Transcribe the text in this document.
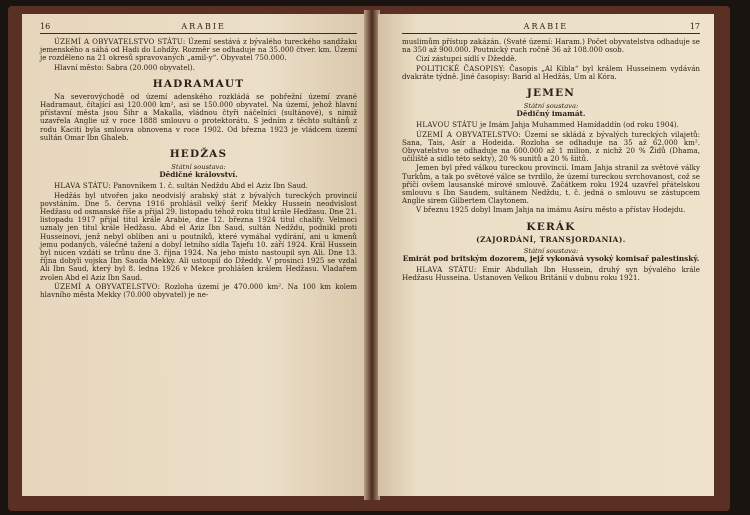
16	ARABIE

ÚZEMÍ A OBYVATELSTVO STÁTU: Území sestává z bývalého tureckého sandžaku jemenského a sáhá od Hadi do Lohdžy. Rozměr se odhaduje na 35.000 čtver. km. Území je rozděleno na 21 okresů spravovaných „amil-y“. Obyvatel 750.000.

Hlavní město: Sabra (20.000 obyvatel).

HADRAMAUT

Na severovýchodě od území adenského rozkládá se pobřežní území zvané Hadramaut, čítající asi 120.000 km², asi se 150.000 obyvatel. Na území, jehož hlavní přístavní města jsou Šihr a Makalla, vládnou čtyři náčelníci (sultánové), s nimiž uzavřela Anglie už v roce 1888 smlouvu o protektorátu. S jedním z těchto sultánů z rodu Kaciti byla smlouva obnovena v roce 1902. Od března 1923 je vládcem území sultán Omar Ibn Ghaleb.

HEDŽAS

Státní soustava:

Dědičné království.

HLAVA STÁTU: Panovníkem 1. č. sultán Nedždu Abd el Aziz Ibn Saud.

Hedžás byl utvořen jako neodvislý arabský stát z bývalých tureckých provincií povstáním. Dne 5. června 1916 prohlásil velký šerif Mekky Hussein neodvislost Hedžasu od osmanské říše a přijal 29. listopadu téhož roku titul krále Hedžasu. Dne 21. listopadu 1917 přijal titul krále Arabie, dne 12. března 1924 titul chalify. Velmoci uznaly jen titul krále Hedžasu. Abd el Aziz Ibn Saud, sultán Nedždu, podnikl proti Husseinovi, jenž nebyl oblíben ani u poutníků, které vymáhal vydírání, ani u kmenů jemu podaných, válečné tažení a dobyl letního sídla Tajefu 10. září 1924. Král Hussein byl nucen vzdáti se trůnu dne 3. října 1924. Na jeho místo nastoupil syn Ali. Dne 13. října dobyli vojska Ibn Sauda Mekky. Ali ustoupil do Džeddy. V prosinci 1925 se vzdal Ali Ibn Saud, který byl 8. ledna 1926 v Mekce prohlášen králem Hedžasu. Vladařem zvolen Abd el Aziz Ibn Saud.

ÚZEMÍ A OBYVATELSTVO: Rozloha území je 470.000 km². Na 100 km kolem hlavního města Mekky (70.000 obyvatel) je ne-

ARABIE	17

muslimům přístup zakázán. (Svaté území: Haram.) Počet obyvatelstva odhaduje se na 350 až 900.000. Poutnický ruch ročně 36 až 108.000 osob.

Cizí zástupci sídlí v Džeddě.

POLITICKÉ ČASOPISY: Časopis „Al Kibla“ byl králem Husseinem vydáván dvakráte týdně. Jiné časopisy: Barid al Hedžás, Um al Kóra.

JEMEN

Státní soustava:

Dědičný imamát.

HLAVOU STÁTU je Imám Jahja Muhammed Hamídaddín (od roku 1904).

ÚZEMÍ A OBYVATELSTVO: Území se skládá z bývalých tureckých vilajetů: Sana, Tais, Asír a Hodeida. Rozloha se odhaduje na 35 až 62.000 km². Obyvatelstvo se odhaduje na 600.000 až 1 milion, z nichž 20 % Židů (Dhama, učiliště a sídlo této sekty), 20 % sunitů a 20 % šiitů.

Jemen byl před válkou tureckou provincií. Imam Jahja stranil za světové války Turkům, a tak po světové válce se tvrdilo, že území tureckou svrchovanost, což se příčí ovšem lausanské mírové smlouvě. Začátkem roku 1924 uzavřel přátelskou smlouvu s Ibn Saudem, sultánem Nedždu, t. č. jedná o smlouvu se zástupcem Anglie sirem Gilbertem Claytonem.

V březnu 1925 dobyl Imam Jahja na imámu Asíru město a přístav Hodejdu.

KERÁK

(ZAJORDÁNÍ, TRANSJORDANIA).

Státní soustava:

Emirát pod britským dozorem, jejž vykonává vysoký komisař palestinský.

HLAVA STÁTU: Emir Abdullah Ibn Hussein, druhý syn bývalého krále Hedžasu Husseina. Ustanoven Velkou Británií v dubnu roku 1921.
